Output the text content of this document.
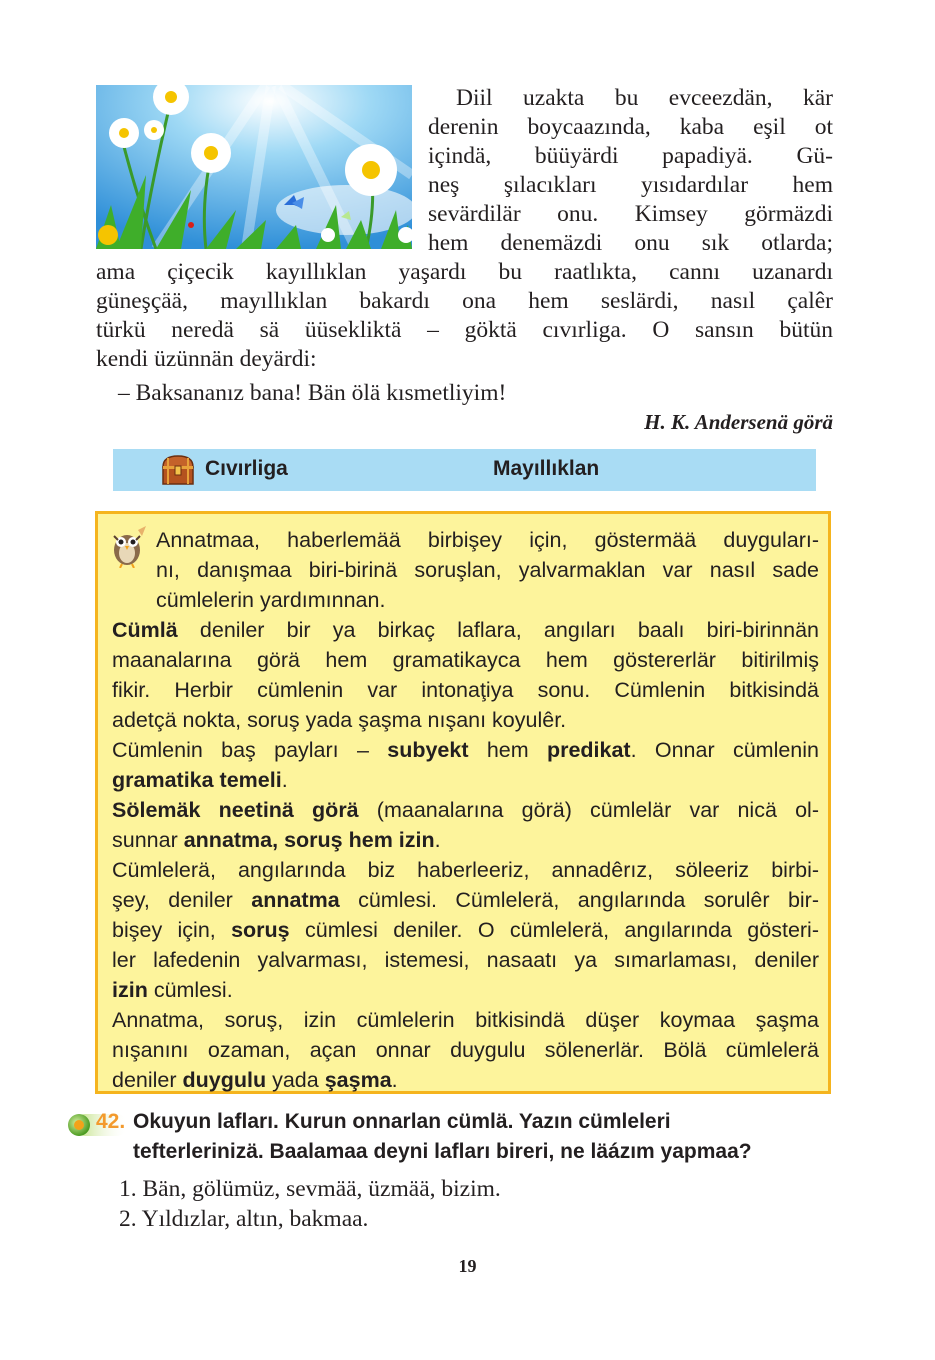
Diil uzakta bu evceezdän, kär

derenin boycaazında, kaba eşil ot

içindä, büüyärdi papadiyä. Gü-

neş şılacıkları yısıdardılar hem

sevärdilär onu. Kimsey görmäzdi

hem denemäzdi onu sık otlarda;

ama çiçecik kayıllıklan yaşardı bu raatlıkta, cannı uzanardı

güneşçää, mayıllıklan bakardı ona hem seslärdi, nasıl çalêr

türkü neredä sä üüsekliktä – göktä cıvırliga. O sansın bütün

kendi üzünnän deyärdi:

– Baksananız bana! Bän ölä kısmetliyim!
H. K. Andersenä görä
Cıvırliga	Mayıllıklan

Annatmaa, haberlemää birbişey için, göstermää duyguları-

nı, danışmaa biri-birinä soruşlan, yalvarmaklan var nasıl sade

cümlelerin yardımınnan.

Cümlä deniler bir ya birkaç laflara, angıları baalı biri-birinnän

maanalarına görä hem gramatikayca hem göstererlär bitirilmiş

fikir. Herbir cümlenin var intonaţiya sonu. Cümlenin bitkisindä

adetçä nokta, soruş yada şaşma nışanı koyulêr.

Cümlenin baş payları – subyekt hem predikat. Onnar cümlenin

gramatika temeli.

Sölemäk neetinä görä (maanalarına görä) cümlelär var nicä ol-

sunnar annatma, soruş hem izin.

Cümlelerä, angılarında biz haberleeriz, annadêrız, söleeriz birbi-

şey, deniler annatma cümlesi. Cümlelerä, angılarında sorulêr bir-

bişey için, soruş cümlesi deniler. O cümlelerä, angılarında gösteri-

ler lafedenin yalvarması, istemesi, nasaatı ya sımarlaması, deniler

izin cümlesi.

Annatma, soruş, izin cümlelerin bitkisindä düşer koymaa şaşma

nışanını ozaman, açan onnar duygulu sölenerlär. Bölä cümlelerä

deniler duygulu yada şaşma.

42. Okuyun lafları. Kurun onnarlan cümlä. Yazın cümleleri
tefterlerinizä. Baalamaa deyni lafları bireri, ne läázım yapmaa?
1. Bän, gölümüz, sevmää, üzmää, bizim.
2. Yıldızlar, altın, bakmaa.
19
